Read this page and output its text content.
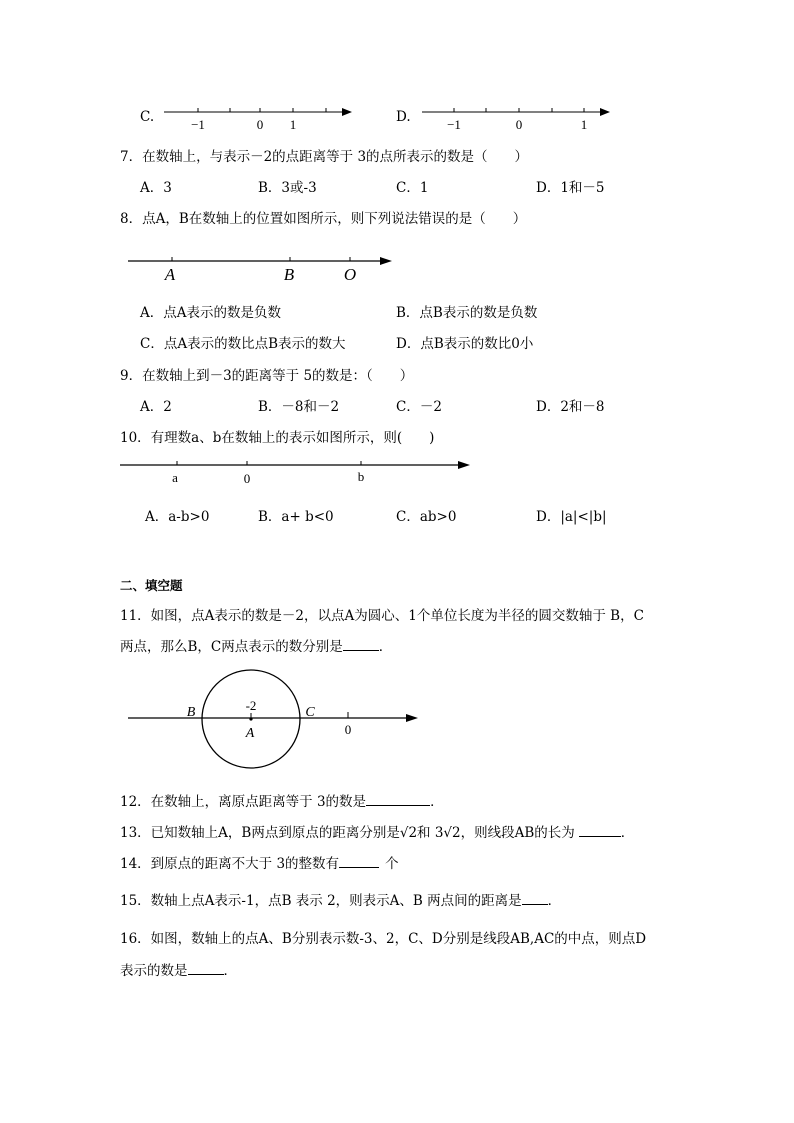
C.	−1	0 1	D.	−1	0	1
7．在数轴上，与表示－2的点距离等于 3的点所表示的数是（　　）
A．3	B．3或-3	C．1	D．1和－5
8．点A，B在数轴上的位置如图所示，则下列说法错误的是（　　）
A	B	O
A．点A表示的数是负数	B．点B表示的数是负数
C．点A表示的数比点B表示的数大	D．点B表示的数比0小
9．在数轴上到－3的距离等于 5的数是：（　　）
A．2	B．－8和－2	C．－2	D．2和－8
10．有理数a、b在数轴上的表示如图所示，则(　　)
a	0	b
A．a-b>0	B．a+ b<0	C．ab>0	D．|a|<|b|
二、填空题
11．如图，点A表示的数是－2，以点A为圆心、1个单位长度为半径的圆交数轴于 B，C
两点，那么B，C两点表示的数分别是	．
B	C
-2
A	0
12．在数轴上，离原点距离等于 3的数是	．
13．已知数轴上A，B两点到原点的距离分别是√2和 3√2，则线段AB的长为	．
14．到原点的距离不大于 3的整数有	个
15．数轴上点A表示-1，点B 表示 2，则表示A、B 两点间的距离是 ．
16．如图，数轴上的点A、B分别表示数-3、2，C、D分别是线段AB,AC的中点，则点D
表示的数是	．
